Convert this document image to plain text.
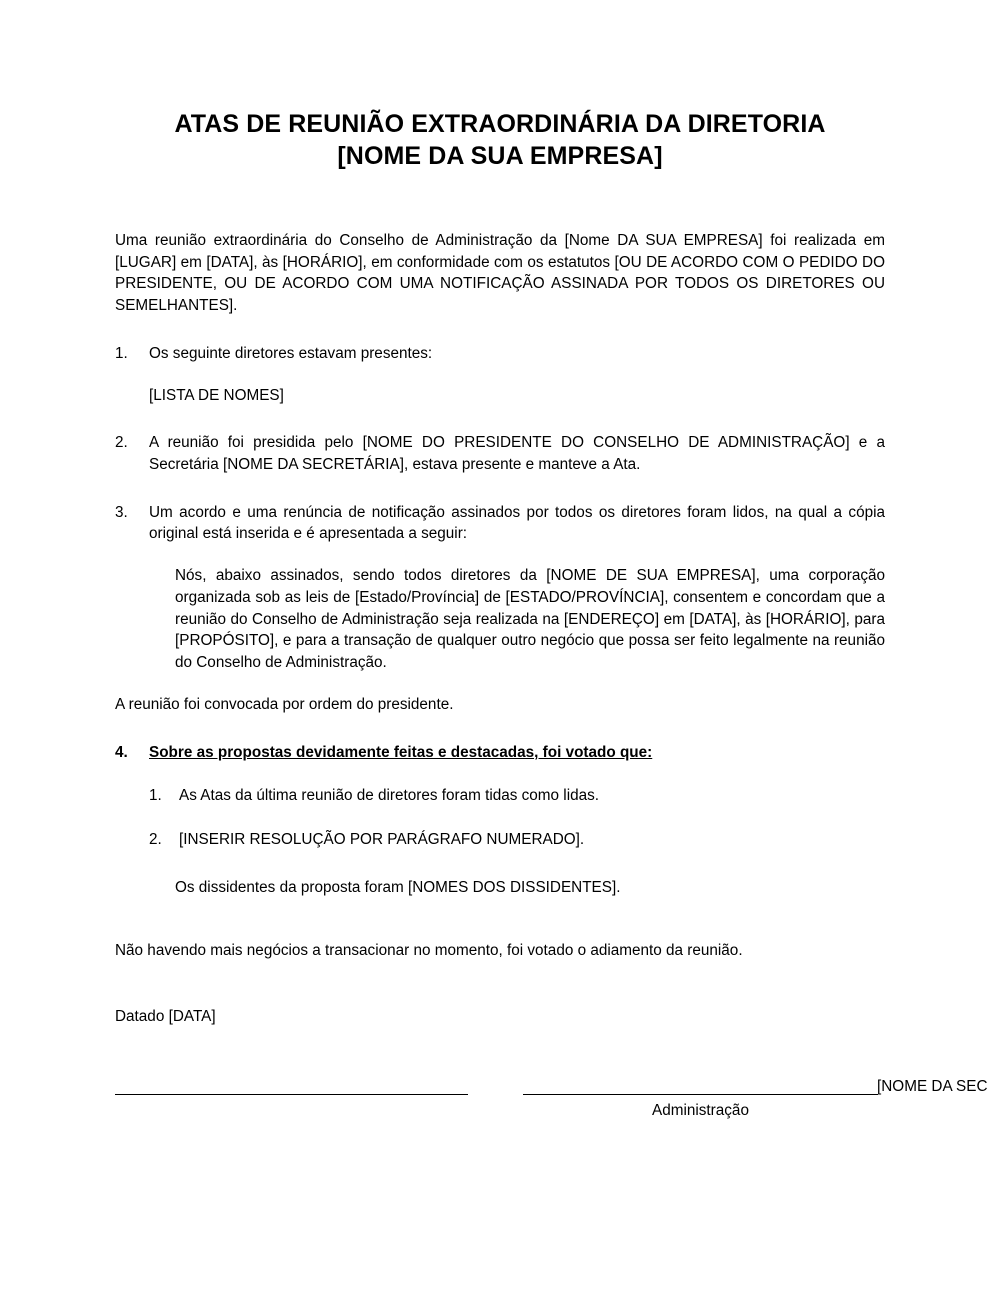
ATAS DE REUNIÃO EXTRAORDINÁRIA DA DIRETORIA
[NOME DA SUA EMPRESA]

Uma reunião extraordinária do Conselho de Administração da [Nome DA SUA EMPRESA] foi realizada em [LUGAR] em [DATA], às [HORÁRIO], em conformidade com os estatutos [OU DE ACORDO COM O PEDIDO DO PRESIDENTE, OU DE ACORDO COM UMA NOTIFICAÇÃO ASSINADA POR TODOS OS DIRETORES OU SEMELHANTES].

1.	Os seguinte diretores estavam presentes:
[LISTA DE NOMES]
2.	A reunião foi presidida pelo [NOME DO PRESIDENTE DO CONSELHO DE ADMINISTRAÇÃO] e a Secretária [NOME DA SECRETÁRIA], estava presente e manteve a Ata.
3.	Um acordo e uma renúncia de notificação assinados por todos os diretores foram lidos, na qual a cópia original está inserida e é apresentada a seguir:
Nós, abaixo assinados, sendo todos diretores da [NOME DE SUA EMPRESA], uma corporação organizada sob as leis de [Estado/Província] de [ESTADO/PROVÍNCIA], consentem e concordam que a reunião do Conselho de Administração seja realizada na [ENDEREÇO] em [DATA], às [HORÁRIO], para [PROPÓSITO], e para a transação de qualquer outro negócio que possa ser feito legalmente na reunião do Conselho de Administração.
A reunião foi convocada por ordem do presidente.
4.	Sobre as propostas devidamente feitas e destacadas, foi votado que:
1.	As Atas da última reunião de diretores foram tidas como lidas.
2.	[INSERIR RESOLUÇÃO POR PARÁGRAFO NUMERADO].
Os dissidentes da proposta foram [NOMES DOS DISSIDENTES].
Não havendo mais negócios a transacionar no momento, foi votado o adiamento da reunião.
Datado [DATA]
[NOME DA SEC
Administração
